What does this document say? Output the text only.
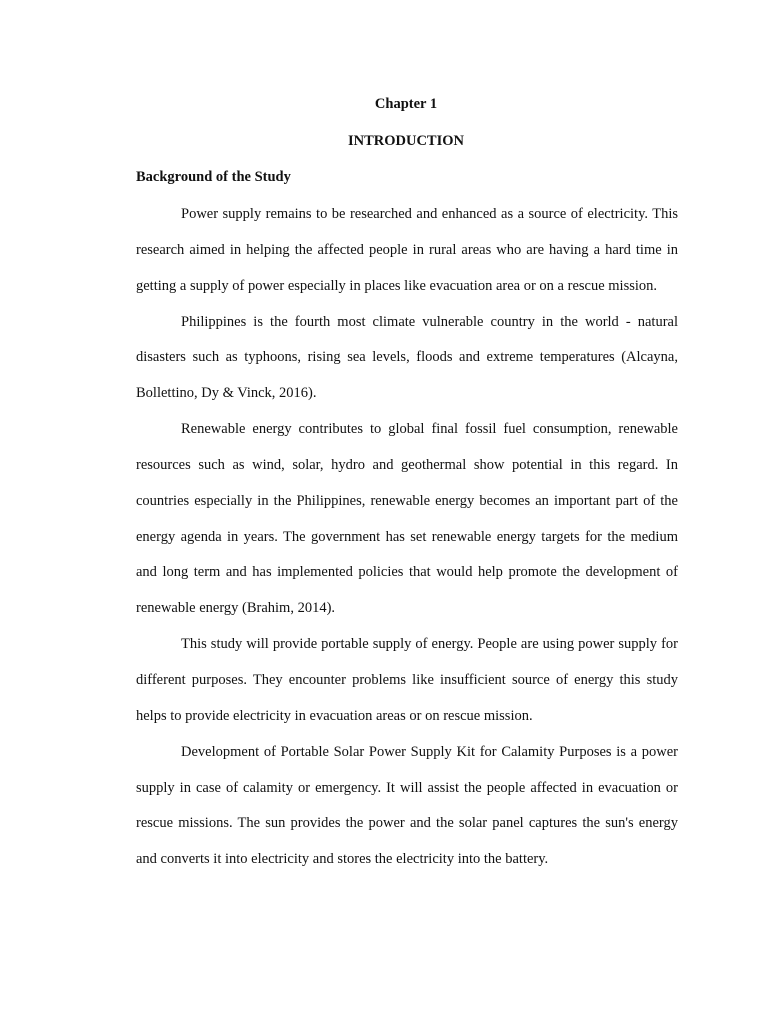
Chapter 1
INTRODUCTION
Background of the Study

Power supply remains to be researched and enhanced as a source of electricity. This research aimed in helping the affected people in rural areas who are having a hard time in getting a supply of power especially in places like evacuation area or on a rescue mission.

Philippines is the fourth most climate vulnerable country in the world - natural disasters such as typhoons, rising sea levels, floods and extreme temperatures (Alcayna, Bollettino, Dy & Vinck, 2016).

Renewable energy contributes to global final fossil fuel consumption, renewable resources such as wind, solar, hydro and geothermal show potential in this regard. In countries especially in the Philippines, renewable energy becomes an important part of the energy agenda in years. The government has set renewable energy targets for the medium and long term and has implemented policies that would help promote the development of renewable energy (Brahim, 2014).

This study will provide portable supply of energy. People are using power supply for different purposes. They encounter problems like insufficient source of energy this study helps to provide electricity in evacuation areas or on rescue mission.

Development of Portable Solar Power Supply Kit for Calamity Purposes is a power supply in case of calamity or emergency. It will assist the people affected in evacuation or rescue missions. The sun provides the power and the solar panel captures the sun's energy and converts it into electricity and stores the electricity into the battery.
